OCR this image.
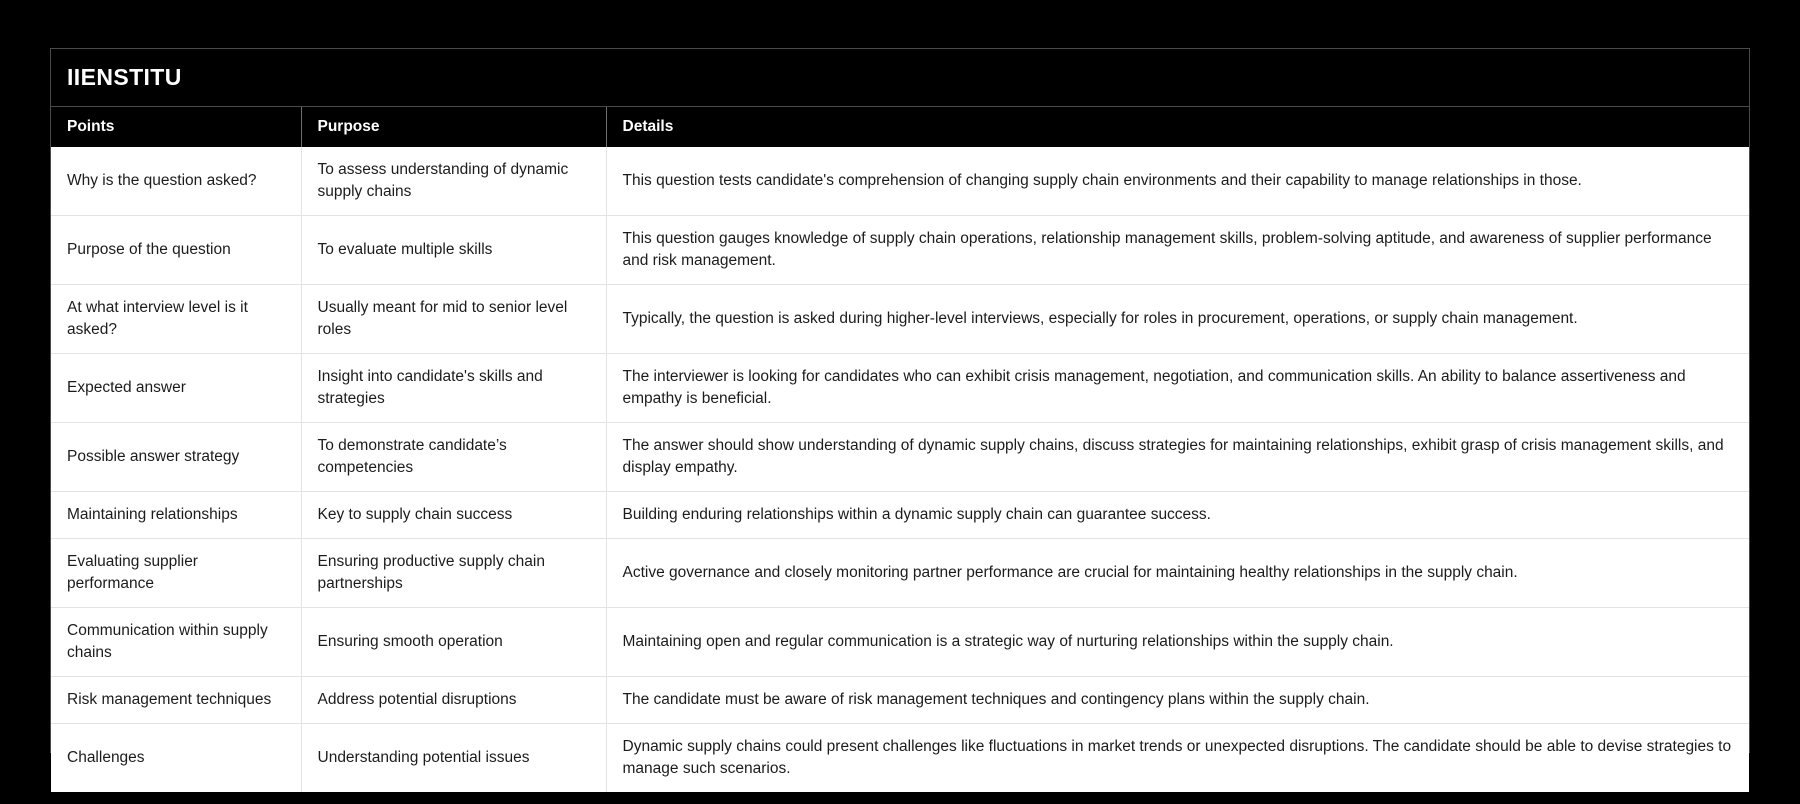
IIENSTITU
Points	Purpose	Details
Why is the question asked?	To assess understanding of dynamic supply chains	This question tests candidate's comprehension of changing supply chain environments and their capability to manage relationships in those.
Purpose of the question	To evaluate multiple skills	This question gauges knowledge of supply chain operations, relationship management skills, problem-solving aptitude, and awareness of supplier performance and risk management.
At what interview level is it asked?	Usually meant for mid to senior level roles	Typically, the question is asked during higher-level interviews, especially for roles in procurement, operations, or supply chain management.
Expected answer	Insight into candidate's skills and strategies	The interviewer is looking for candidates who can exhibit crisis management, negotiation, and communication skills. An ability to balance assertiveness and empathy is beneficial.
Possible answer strategy	To demonstrate candidate’s competencies	The answer should show understanding of dynamic supply chains, discuss strategies for maintaining relationships, exhibit grasp of crisis management skills, and display empathy.
Maintaining relationships	Key to supply chain success	Building enduring relationships within a dynamic supply chain can guarantee success.
Evaluating supplier performance	Ensuring productive supply chain partnerships	Active governance and closely monitoring partner performance are crucial for maintaining healthy relationships in the supply chain.
Communication within supply chains	Ensuring smooth operation	Maintaining open and regular communication is a strategic way of nurturing relationships within the supply chain.
Risk management techniques	Address potential disruptions	The candidate must be aware of risk management techniques and contingency plans within the supply chain.
Challenges	Understanding potential issues	Dynamic supply chains could present challenges like fluctuations in market trends or unexpected disruptions. The candidate should be able to devise strategies to manage such scenarios.
